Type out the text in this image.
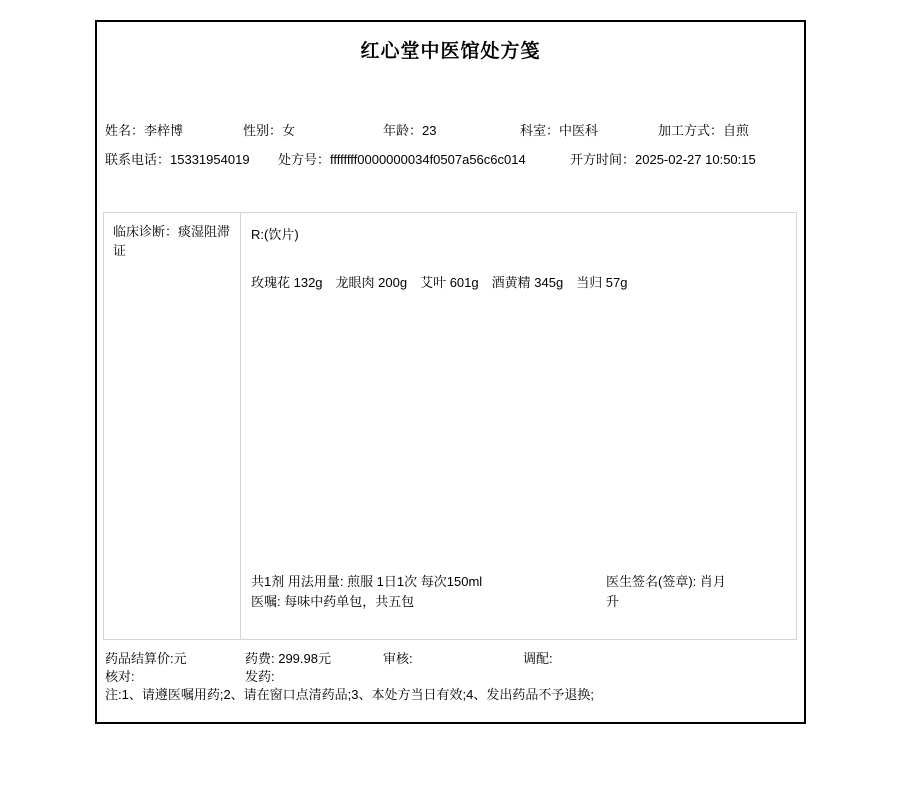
红心堂中医馆处方笺
姓名：李梓博	性别：女	年龄：23	科室：中医科	加工方式：自煎
联系电话：15331954019 处方号：ffffffff0000000034f0507a56c6c014	开方时间：2025-02-27 10:50:15
临床诊断：痰湿阻滞证
R:(饮片)
玫瑰花 132g 龙眼肉 200g 艾叶 601g 酒黄精 345g 当归 57g
共1剂 用法用量: 煎服 1日1次 每次150ml
医嘱: 每味中药单包，共五包
医生签名(签章): 肖月升
药品结算价:元	药费: 299.98元	审核:	调配:
核对:	发药:
注:1、请遵医嘱用药;2、请在窗口点清药品;3、本处方当日有效;4、发出药品不予退换;
